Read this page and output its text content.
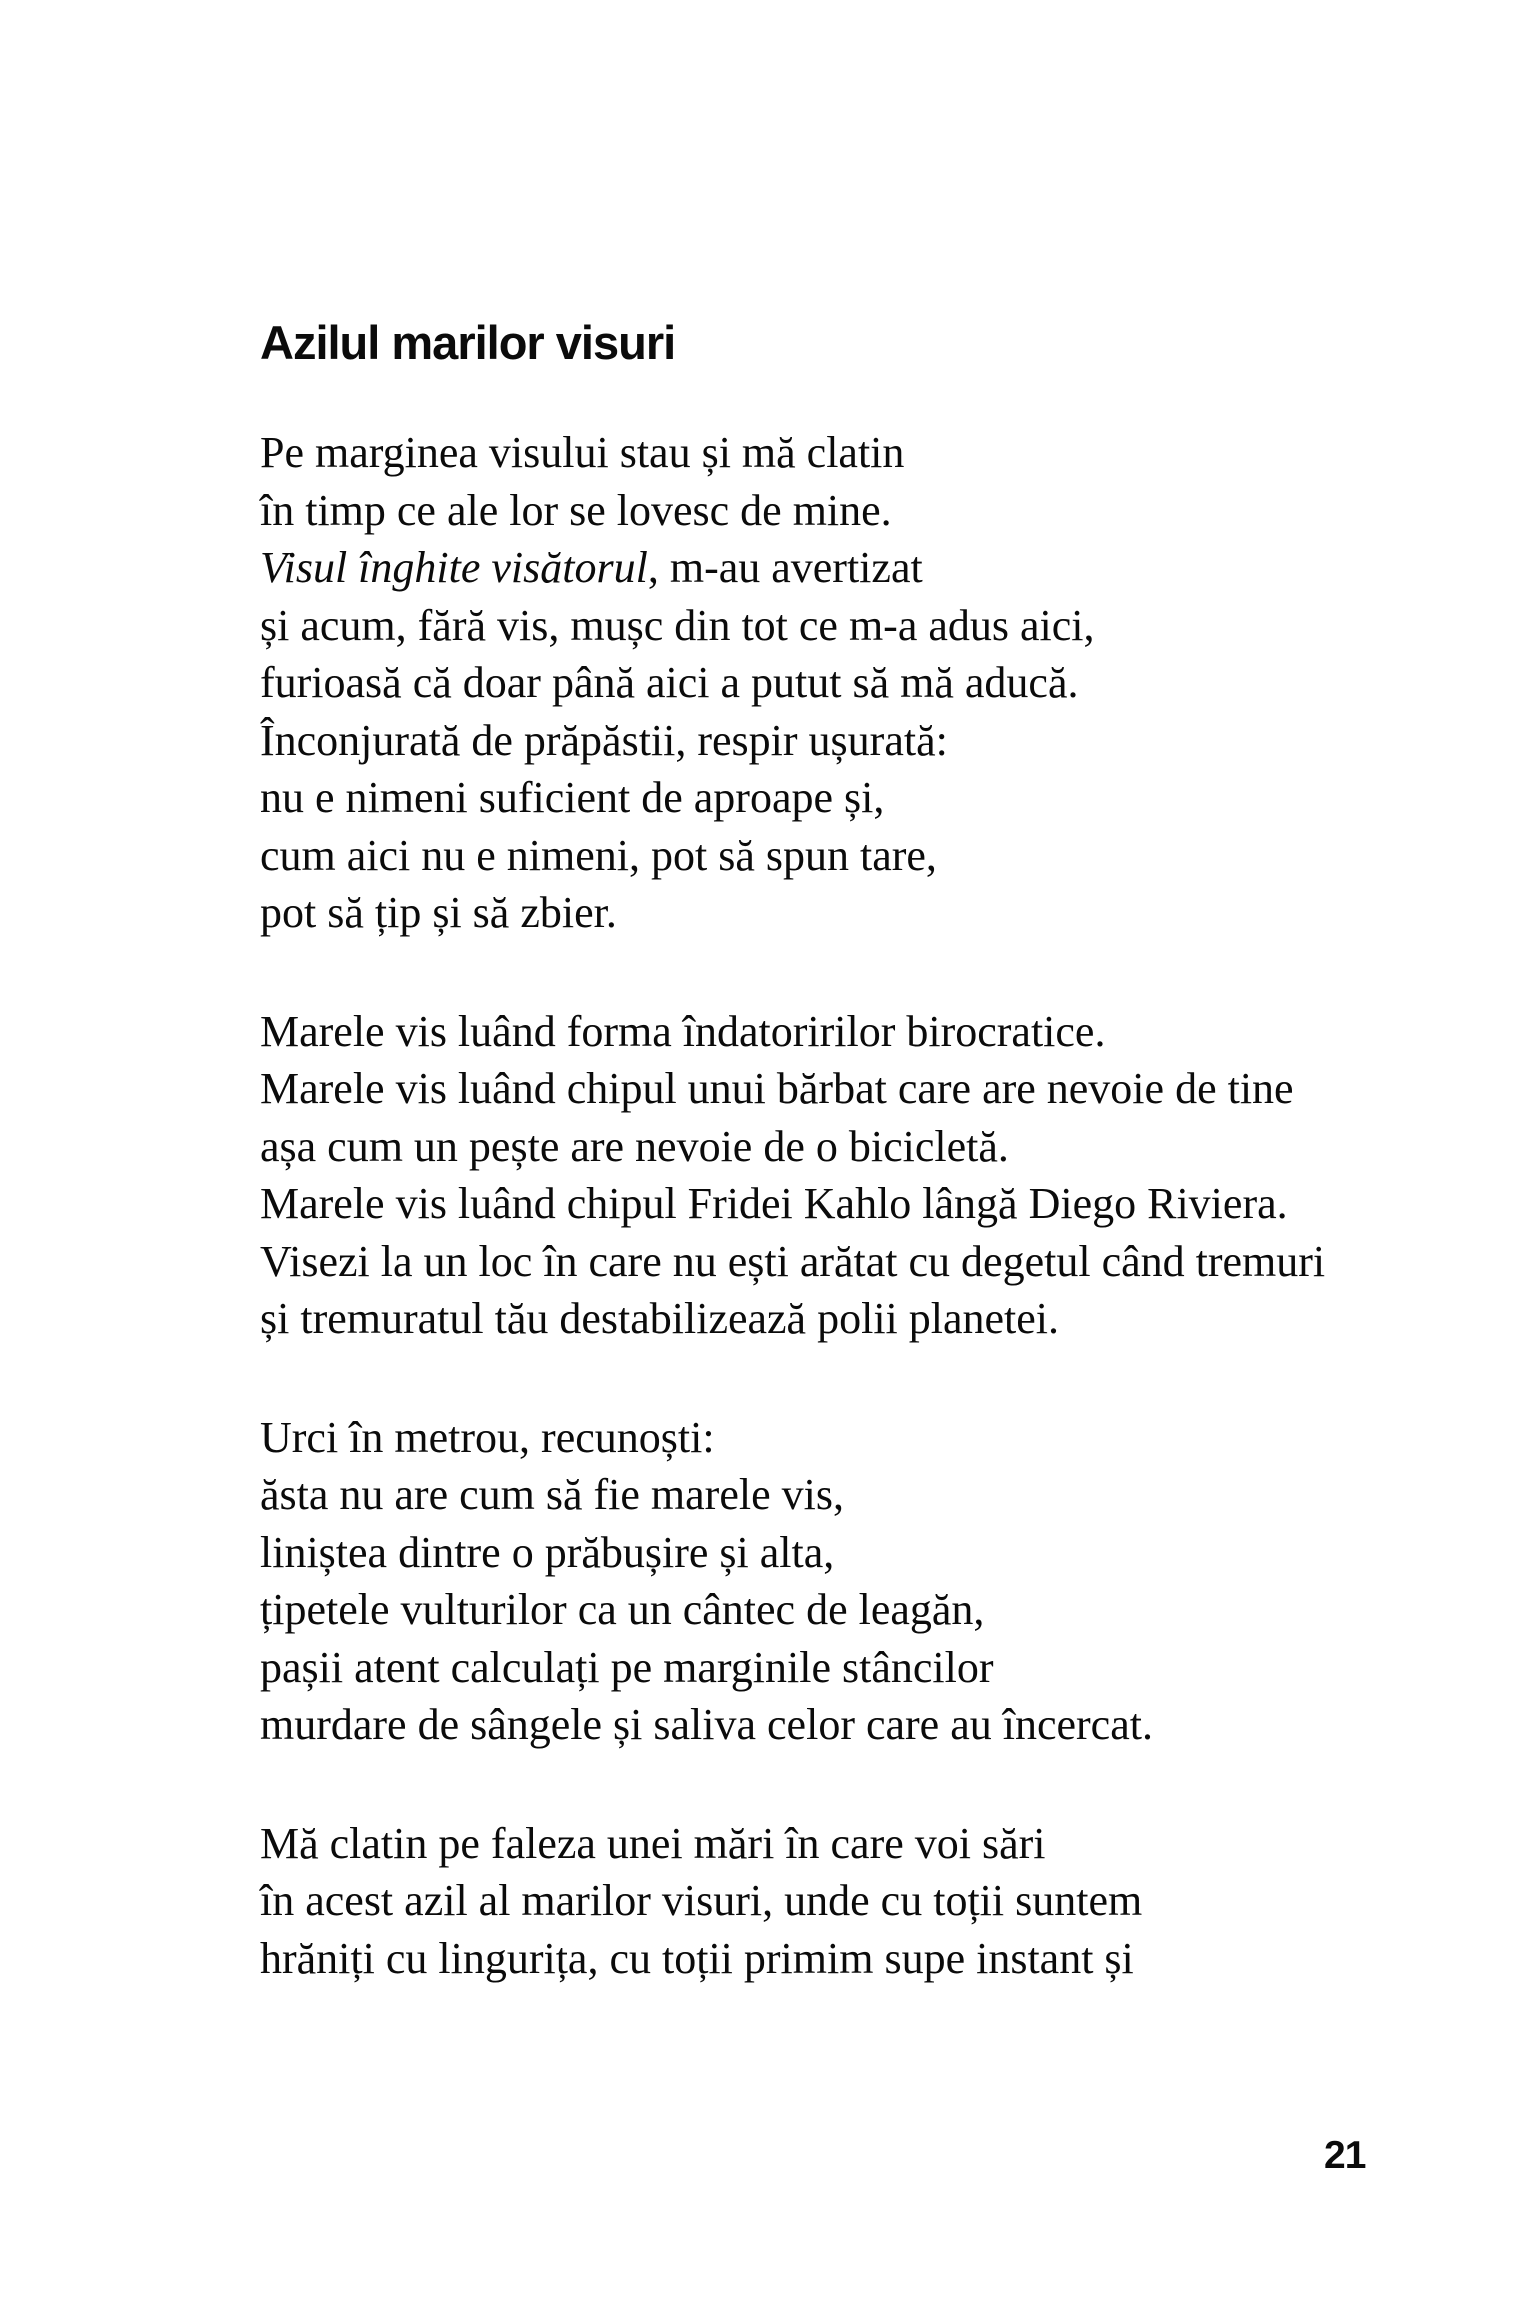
Azilul marilor visuri
Pe marginea visului stau și mă clatin
în timp ce ale lor se lovesc de mine.
Visul înghite visătorul, m-au avertizat
și acum, fără vis, mușc din tot ce m-a adus aici,
furioasă că doar până aici a putut să mă aducă.
Înconjurată de prăpăstii, respir ușurată:
nu e nimeni suficient de aproape și,
cum aici nu e nimeni, pot să spun tare,
pot să țip și să zbier.
Marele vis luând forma îndatoririlor birocratice.
Marele vis luând chipul unui bărbat care are nevoie de tine
așa cum un pește are nevoie de o bicicletă.
Marele vis luând chipul Fridei Kahlo lângă Diego Riviera.
Visezi la un loc în care nu ești arătat cu degetul când tremuri
și tremuratul tău destabilizează polii planetei.
Urci în metrou, recunoști:
ăsta nu are cum să fie marele vis,
liniștea dintre o prăbușire și alta,
țipetele vulturilor ca un cântec de leagăn,
pașii atent calculați pe marginile stâncilor
murdare de sângele și saliva celor care au încercat.
Mă clatin pe faleza unei mări în care voi sări
în acest azil al marilor visuri, unde cu toții suntem
hrăniți cu lingurița, cu toții primim supe instant și
21
